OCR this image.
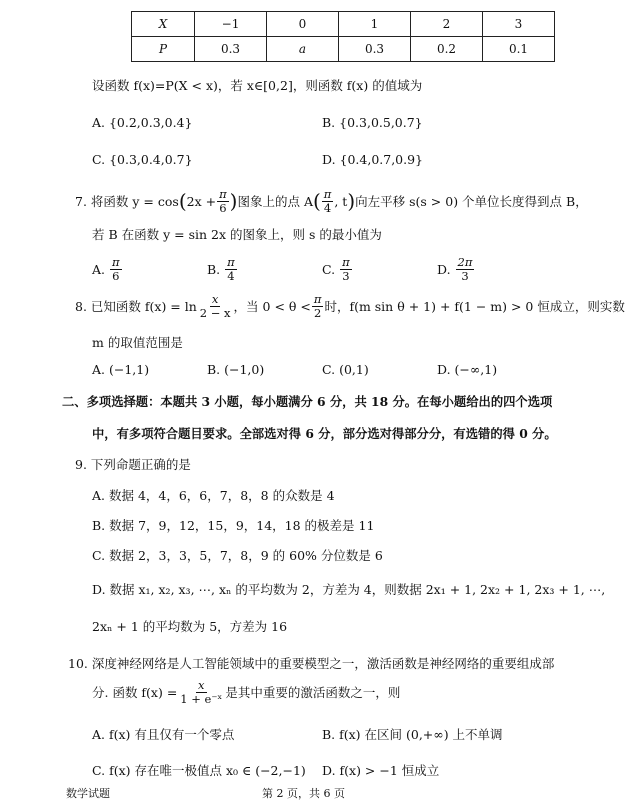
X	−1	0	1	2	3
P	0.3	a	0.3	0.2	0.1
设函数 f(x)=P(X < x)，若 x∈[0,2]，则函数 f(x) 的值域为
A. {0.2,0.3,0.4}	B. {0.3,0.5,0.7}
C. {0.3,0.4,0.7}	D. {0.4,0.7,0.9}
7.
将函数 y = cos ( $2x + \frac{\pi}{6}$ ) 图象上的点 A ( $\frac{\pi}{4}$ , t ) 向左平移 s(s > 0) 个单位长度得到点 B，
若 B 在函数 y = sin 2x 的图象上，则 s 的最小值为
A.
$\frac{\pi}{6}$	B.
$\frac{\pi}{4}$	C.
$\frac{\pi}{3}$	D.
$\frac{2\pi}{3}$
8.
已知函数 $f(x) = \ln \frac{x}{2 - x}$ ，当 $0 < \theta < \frac{\pi}{2}$ 时，f(m sin θ + 1) + f(1 − m) > 0 恒成立，则实数
m 的取值范围是
A. (−1,1)	B. (−1,0)	C. (0,1)	D. (−∞,1)
二、多项选择题：本题共 3 小题，每小题满分 6 分，共 18 分。在每小题给出的四个选项
中，有多项符合题目要求。全部选对得 6 分，部分选对得部分分，有选错的得 0 分。
9. 下列命题正确的是
A. 数据 4，4，6，6，7，8，8 的众数是 4
B. 数据 7，9，12，15，9，14，18 的极差是 11
C. 数据 2，3，3，5，7，8，9 的 60% 分位数是 6
D. 数据 x₁, x₂, x₃, ⋯, xₙ 的平均数为 2，方差为 4，则数据 2x₁ + 1, 2x₂ + 1, 2x₃ + 1, ⋯,
2xₙ + 1 的平均数为 5，方差为 16
10. 深度神经网络是人工智能领域中的重要模型之一，激活函数是神经网络的重要组成部
分. 函数 $f(x) = \frac{x}{\text{1 + e⁻ˣ}}$ 是其中重要的激活函数之一，则
A. f(x) 有且仅有一个零点	B. f(x) 在区间 (0,+∞) 上不单调
C. f(x) 存在唯一极值点 x₀ ∈ (−2,−1) D. f(x) > −1 恒成立
数学试题	第 2 页，共 6 页
